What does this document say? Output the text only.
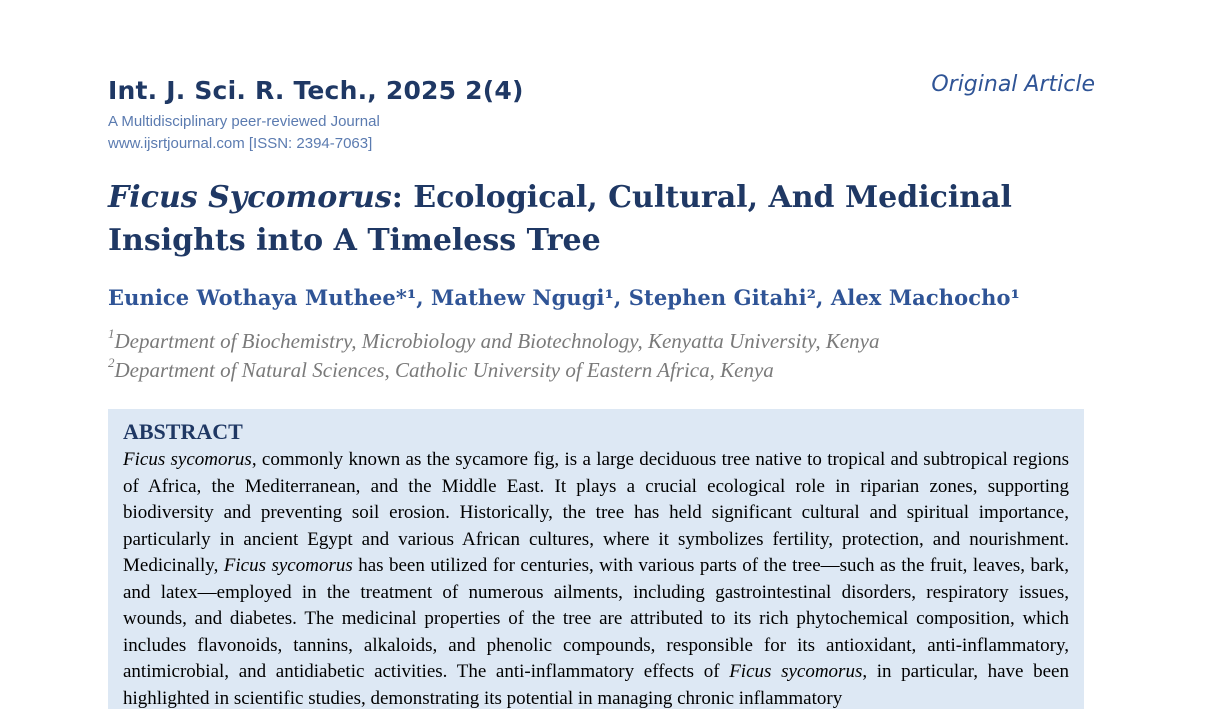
Int. J. Sci. R. Tech., 2025 2(4)
A Multidisciplinary peer-reviewed Journal
www.ijsrtjournal.com [ISSN: 2394-7063]
Original Article
Ficus Sycomorus: Ecological, Cultural, And Medicinal Insights into A Timeless Tree
Eunice Wothaya Muthee*¹, Mathew Ngugi¹, Stephen Gitahi², Alex Machocho¹
$^1$Department of Biochemistry, Microbiology and Biotechnology, Kenyatta University, Kenya
$^2$Department of Natural Sciences, Catholic University of Eastern Africa, Kenya
ABSTRACT
Ficus sycomorus, commonly known as the sycamore fig, is a large deciduous tree native to tropical and subtropical regions of Africa, the Mediterranean, and the Middle East. It plays a crucial ecological role in riparian zones, supporting biodiversity and preventing soil erosion. Historically, the tree has held significant cultural and spiritual importance, particularly in ancient Egypt and various African cultures, where it symbolizes fertility, protection, and nourishment. Medicinally, Ficus sycomorus has been utilized for centuries, with various parts of the tree—such as the fruit, leaves, bark, and latex—employed in the treatment of numerous ailments, including gastrointestinal disorders, respiratory issues, wounds, and diabetes. The medicinal properties of the tree are attributed to its rich phytochemical composition, which includes flavonoids, tannins, alkaloids, and phenolic compounds, responsible for its antioxidant, anti-inflammatory, antimicrobial, and antidiabetic activities. The anti-inflammatory effects of Ficus sycomorus, in particular, have been highlighted in scientific studies, demonstrating its potential in managing chronic inflammatory
